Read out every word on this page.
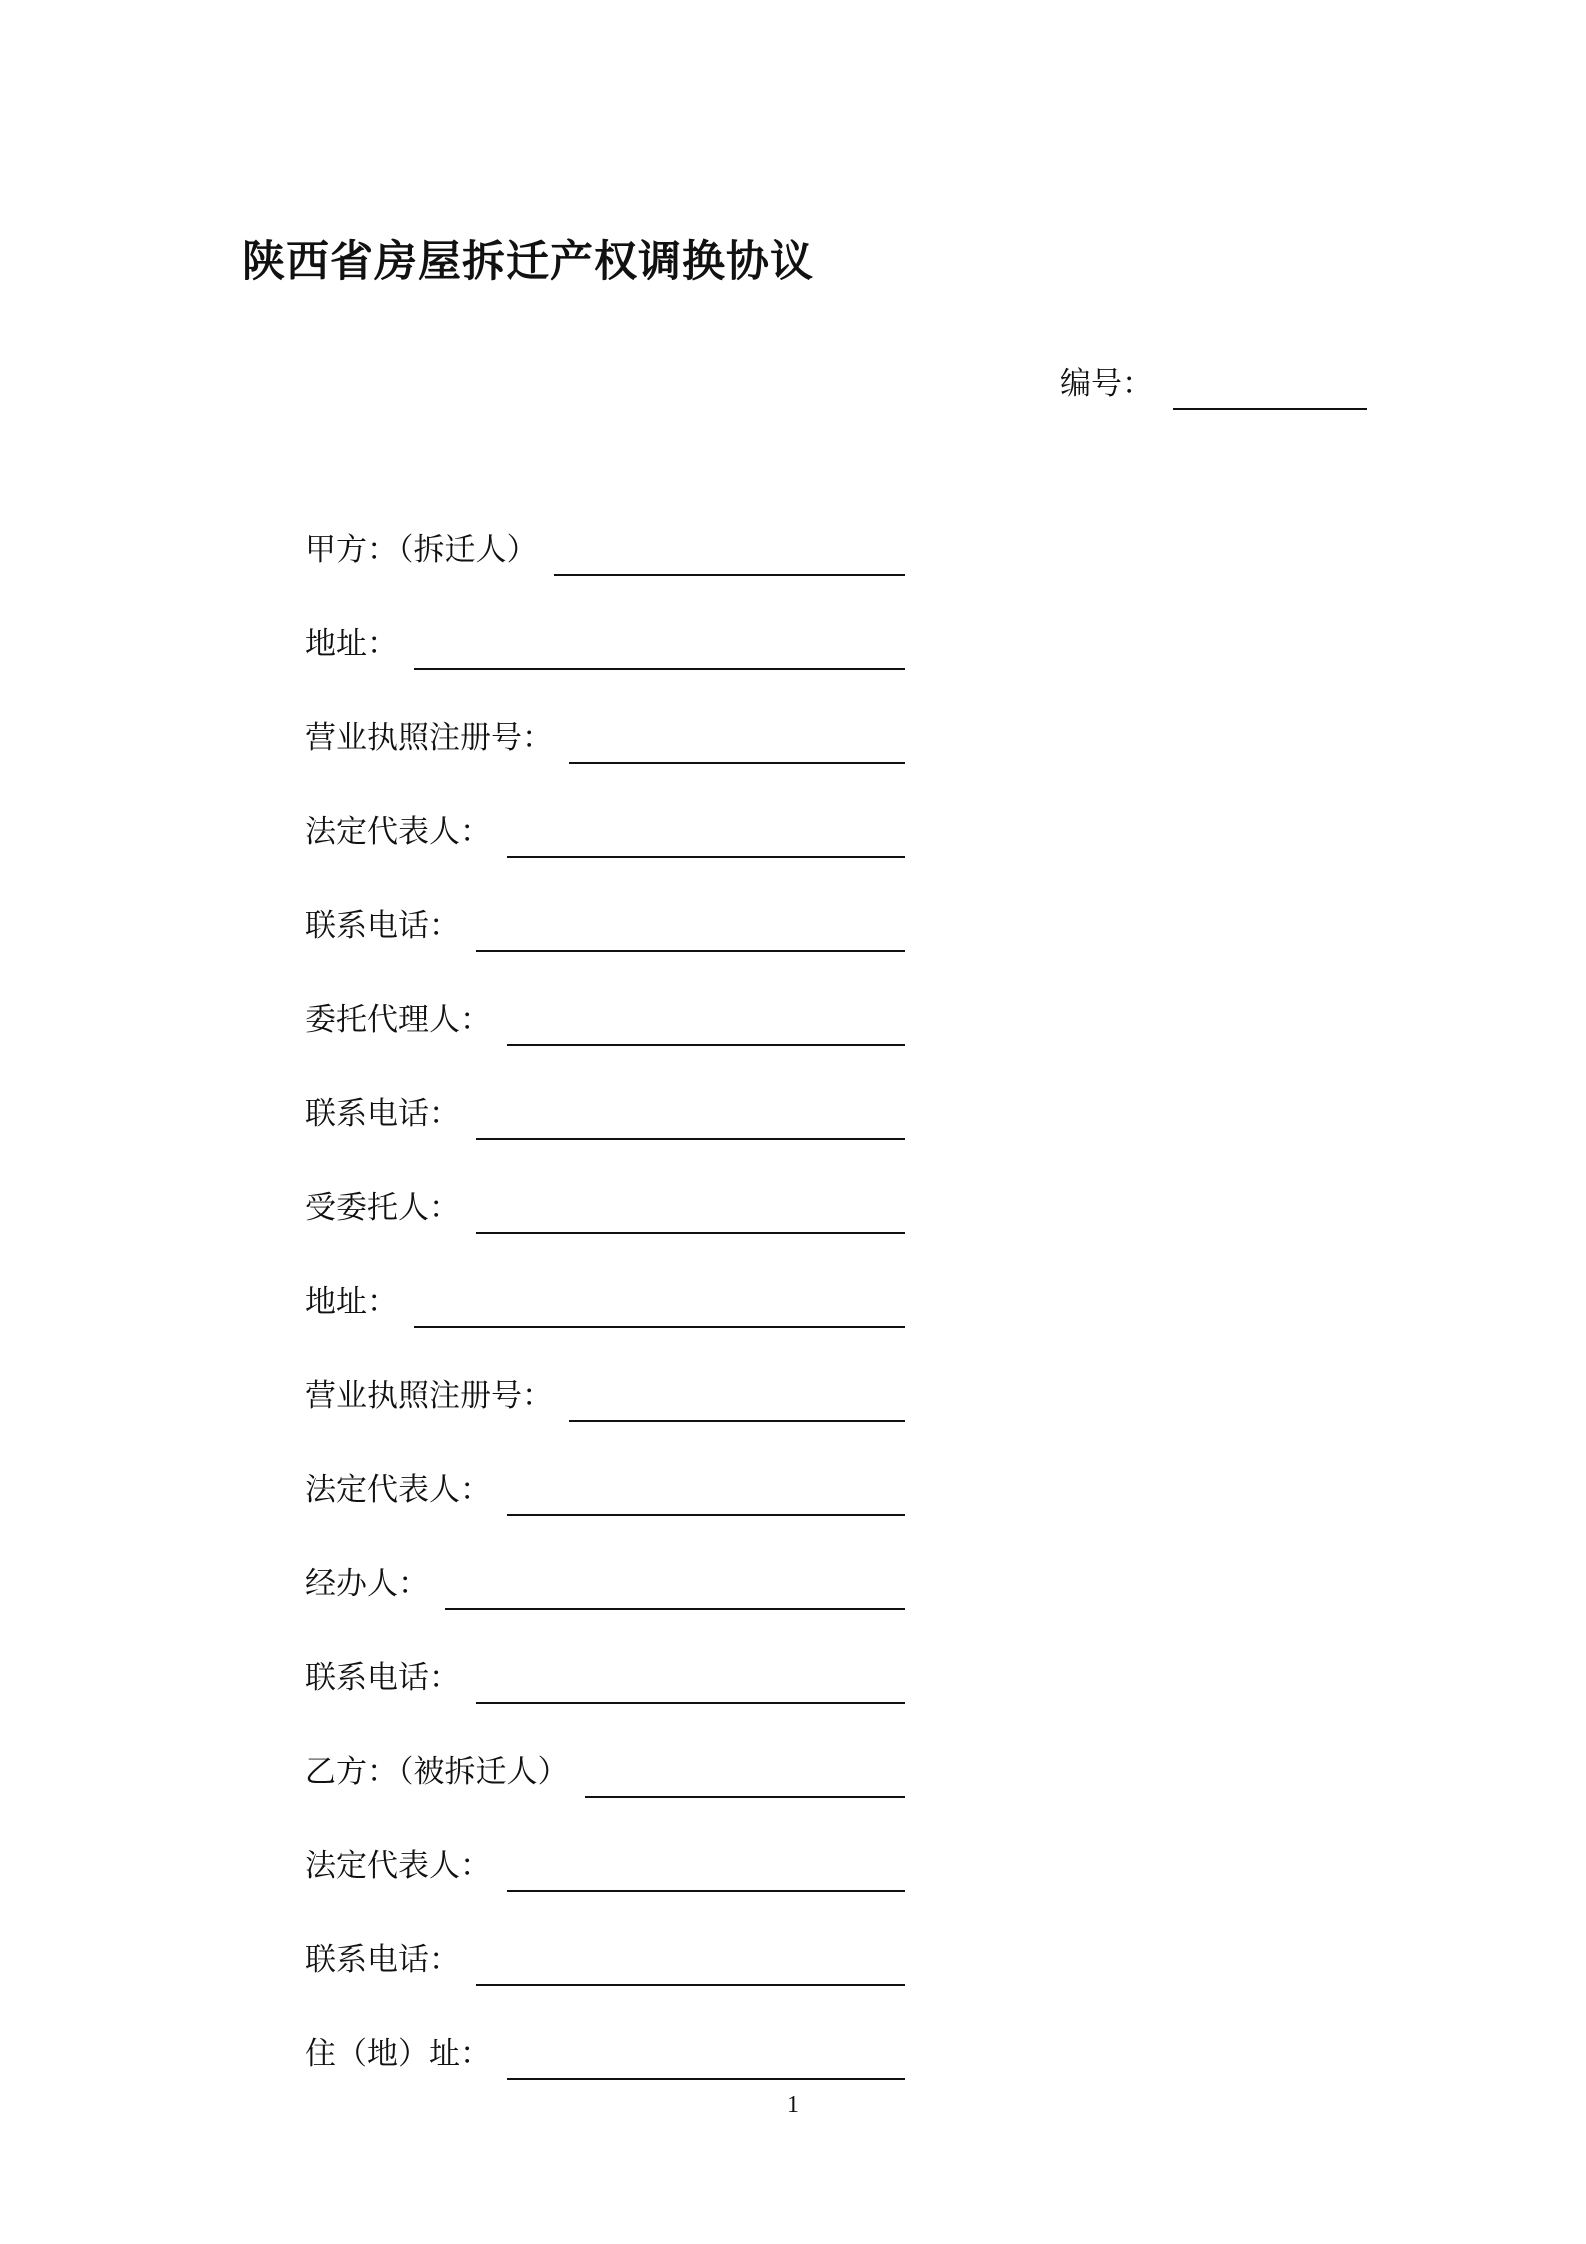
陕西省房屋拆迁产权调换协议
编号：
甲方：（拆迁人）
地址：
营业执照注册号：
法定代表人：
联系电话：
委托代理人：
联系电话：
受委托人：
地址：
营业执照注册号：
法定代表人：
经办人：
联系电话：
乙方：（被拆迁人）
法定代表人：
联系电话：
住（地）址：
1
